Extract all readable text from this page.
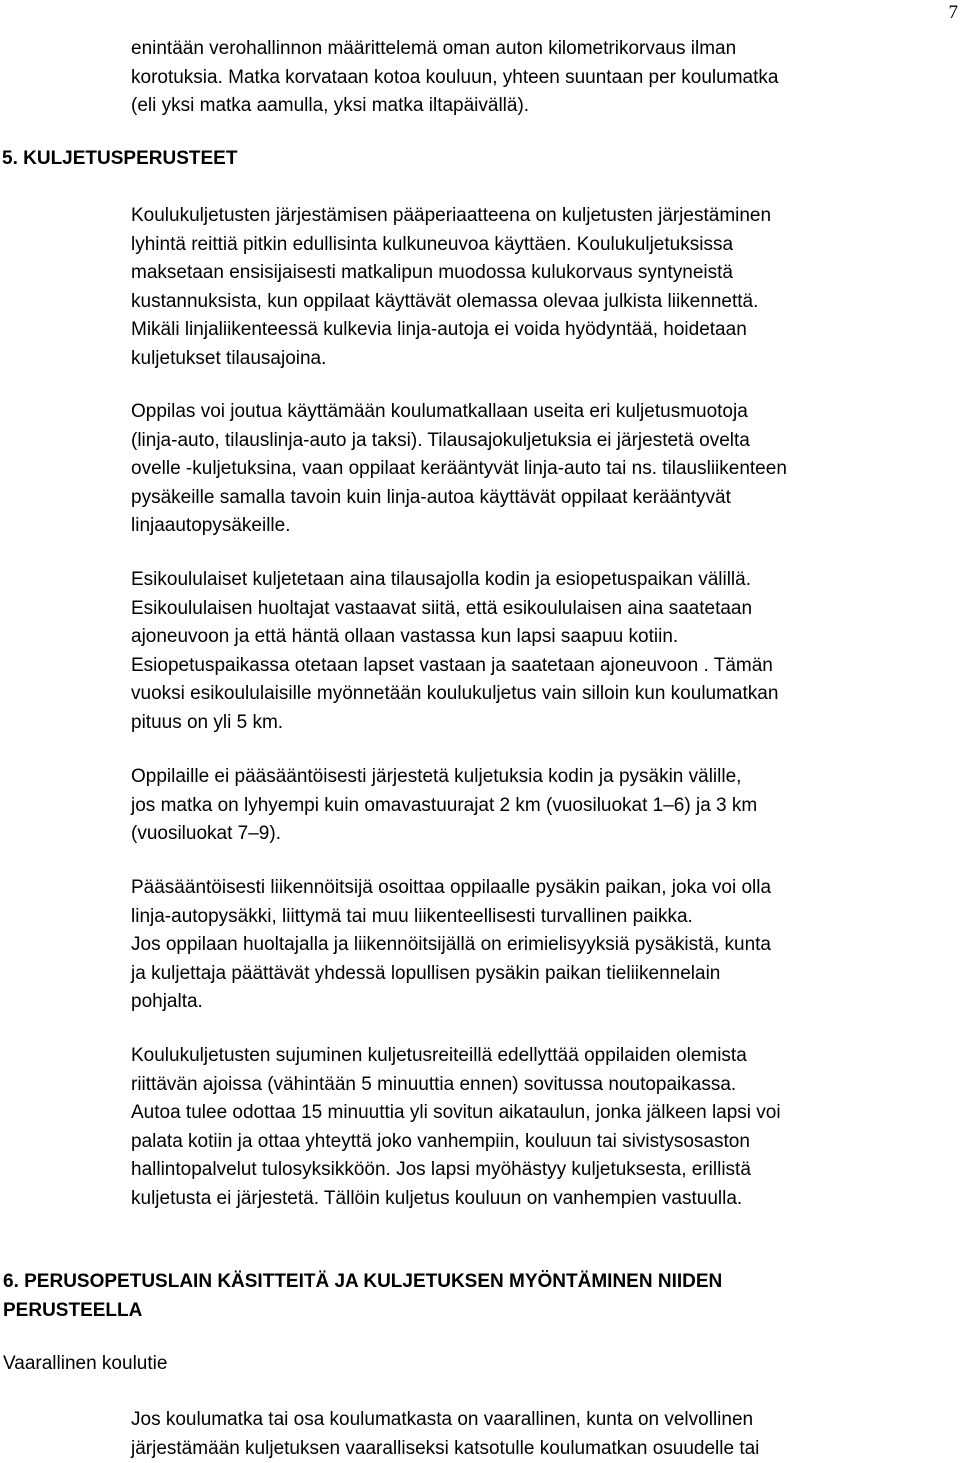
7
enintään verohallinnon määrittelemä oman auton kilometrikorvaus ilman
korotuksia. Matka korvataan kotoa kouluun, yhteen suuntaan per koulumatka
(eli yksi matka aamulla, yksi matka iltapäivällä).
5. KULJETUSPERUSTEET
Koulukuljetusten järjestämisen pääperiaatteena on kuljetusten järjestäminen
lyhintä reittiä pitkin edullisinta kulkuneuvoa käyttäen. Koulukuljetuksissa
maksetaan ensisijaisesti matkalipun muodossa kulukorvaus syntyneistä
kustannuksista, kun oppilaat käyttävät olemassa olevaa julkista liikennettä.
Mikäli linjaliikenteessä kulkevia linja-autoja ei voida hyödyntää, hoidetaan
kuljetukset tilausajoina.
Oppilas voi joutua käyttämään koulumatkallaan useita eri kuljetusmuotoja
(linja-auto, tilauslinja-auto ja taksi). Tilausajokuljetuksia ei järjestetä ovelta
ovelle -kuljetuksina, vaan oppilaat kerääntyvät linja-auto tai ns. tilausliikenteen
pysäkeille samalla tavoin kuin linja-autoa käyttävät oppilaat kerääntyvät
linjaautopysäkeille.
Esikoululaiset kuljetetaan aina tilausajolla kodin ja esiopetuspaikan välillä.
Esikoululaisen huoltajat vastaavat siitä, että esikoululaisen aina saatetaan
ajoneuvoon ja että häntä ollaan vastassa kun lapsi saapuu kotiin.
Esiopetuspaikassa otetaan lapset vastaan ja saatetaan ajoneuvoon . Tämän
vuoksi esikoululaisille myönnetään koulukuljetus vain silloin kun koulumatkan
pituus on yli 5 km.
Oppilaille ei pääsääntöisesti järjestetä kuljetuksia kodin ja pysäkin välille,
jos matka on lyhyempi kuin omavastuurajat 2 km (vuosiluokat 1–6) ja 3 km
(vuosiluokat 7–9).
Pääsääntöisesti liikennöitsijä osoittaa oppilaalle pysäkin paikan, joka voi olla
linja-autopysäkki, liittymä tai muu liikenteellisesti turvallinen paikka.
Jos oppilaan huoltajalla ja liikennöitsijällä on erimielisyyksiä pysäkistä, kunta
ja kuljettaja päättävät yhdessä lopullisen pysäkin paikan tieliikennelain
pohjalta.
Koulukuljetusten sujuminen kuljetusreiteillä edellyttää oppilaiden olemista
riittävän ajoissa (vähintään 5 minuuttia ennen) sovitussa noutopaikassa.
Autoa tulee odottaa 15 minuuttia yli sovitun aikataulun, jonka jälkeen lapsi voi
palata kotiin ja ottaa yhteyttä joko vanhempiin, kouluun tai sivistysosaston
hallintopalvelut tulosyksikköön. Jos lapsi myöhästyy kuljetuksesta, erillistä
kuljetusta ei järjestetä. Tällöin kuljetus kouluun on vanhempien vastuulla.
6. PERUSOPETUSLAIN KÄSITTEITÄ JA KULJETUKSEN MYÖNTÄMINEN NIIDEN
PERUSTEELLA
Vaarallinen koulutie
Jos koulumatka tai osa koulumatkasta on vaarallinen, kunta on velvollinen
järjestämään kuljetuksen vaaralliseksi katsotulle koulumatkan osuudelle tai
